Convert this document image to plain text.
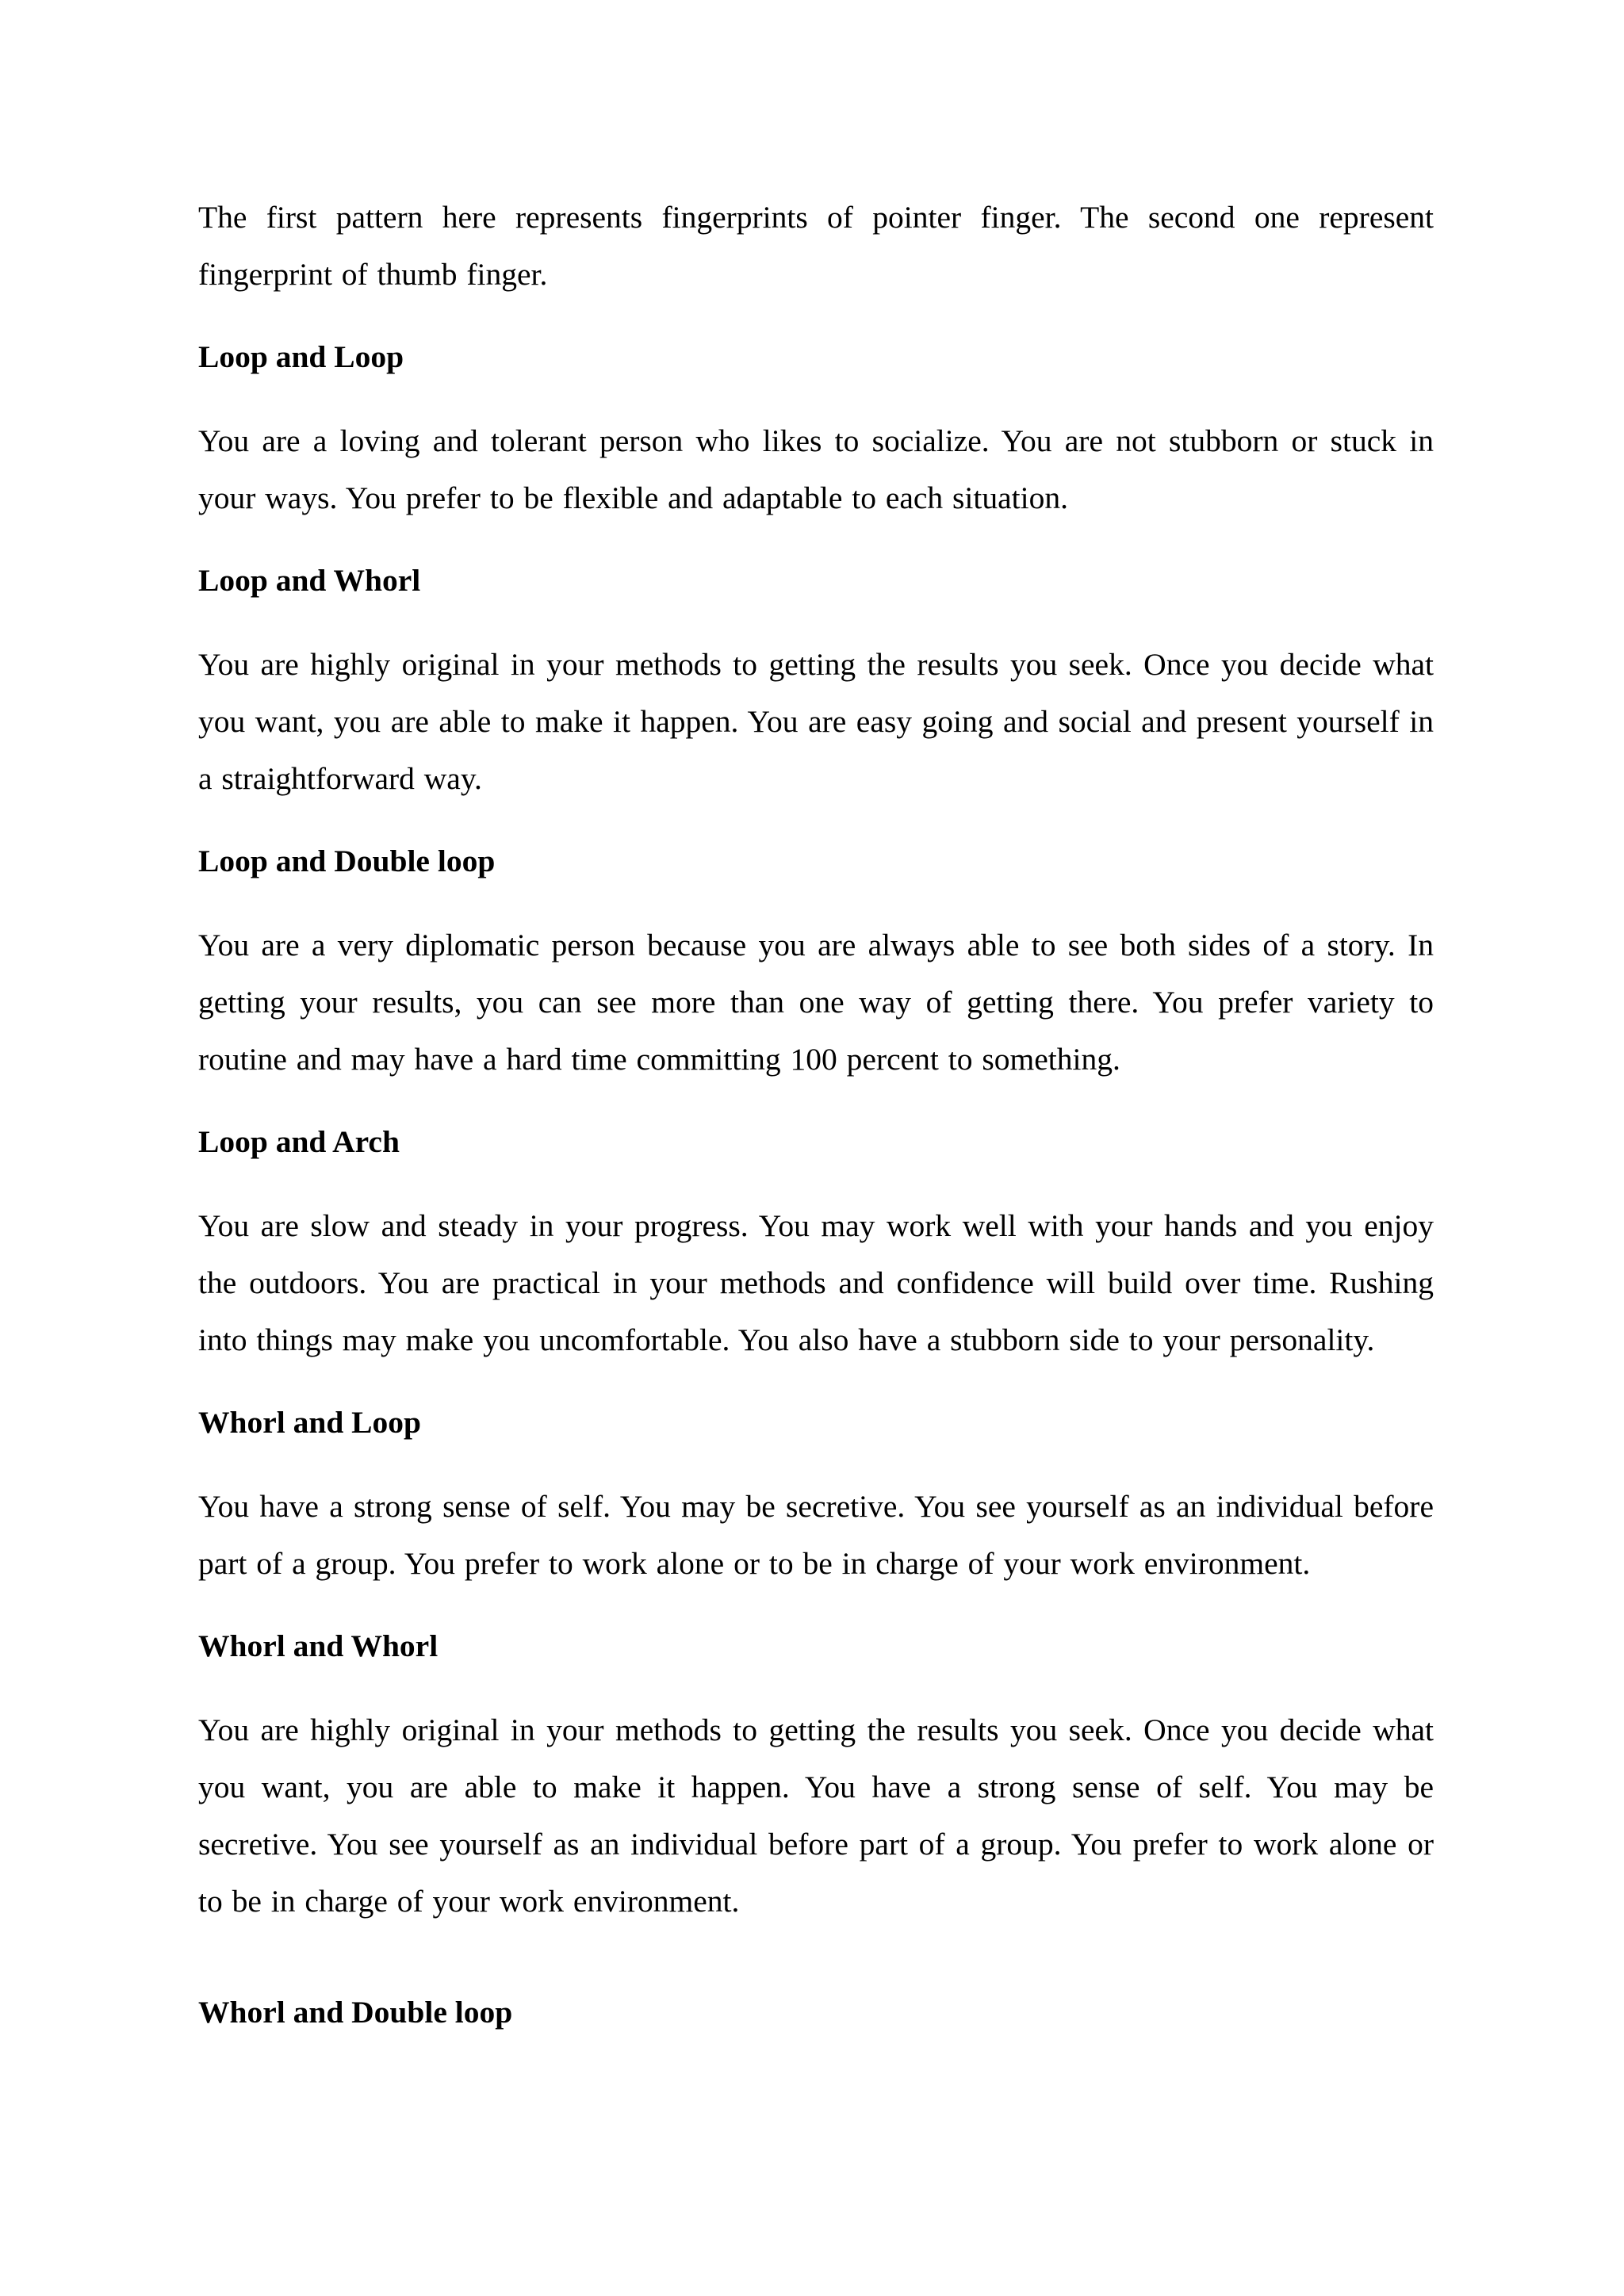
The first pattern here represents fingerprints of pointer finger. The second one represent fingerprint of thumb finger.

Loop and Loop

You are a loving and tolerant person who likes to socialize. You are not stubborn or stuck in your ways. You prefer to be flexible and adaptable to each situation.

Loop and Whorl

You are highly original in your methods to getting the results you seek. Once you decide what you want, you are able to make it happen. You are easy going and social and present yourself in a straightforward way.

Loop and Double loop

You are a very diplomatic person because you are always able to see both sides of a story. In getting your results, you can see more than one way of getting there. You prefer variety to routine and may have a hard time committing 100 percent to something.

Loop and Arch

You are slow and steady in your progress. You may work well with your hands and you enjoy the outdoors. You are practical in your methods and confidence will build over time. Rushing into things may make you uncomfortable. You also have a stubborn side to your personality.

Whorl and Loop

You have a strong sense of self. You may be secretive. You see yourself as an individual before part of a group. You prefer to work alone or to be in charge of your work environment.

Whorl and Whorl

You are highly original in your methods to getting the results you seek. Once you decide what you want, you are able to make it happen. You have a strong sense of self. You may be secretive. You see yourself as an individual before part of a group. You prefer to work alone or to be in charge of your work environment.

Whorl and Double loop
